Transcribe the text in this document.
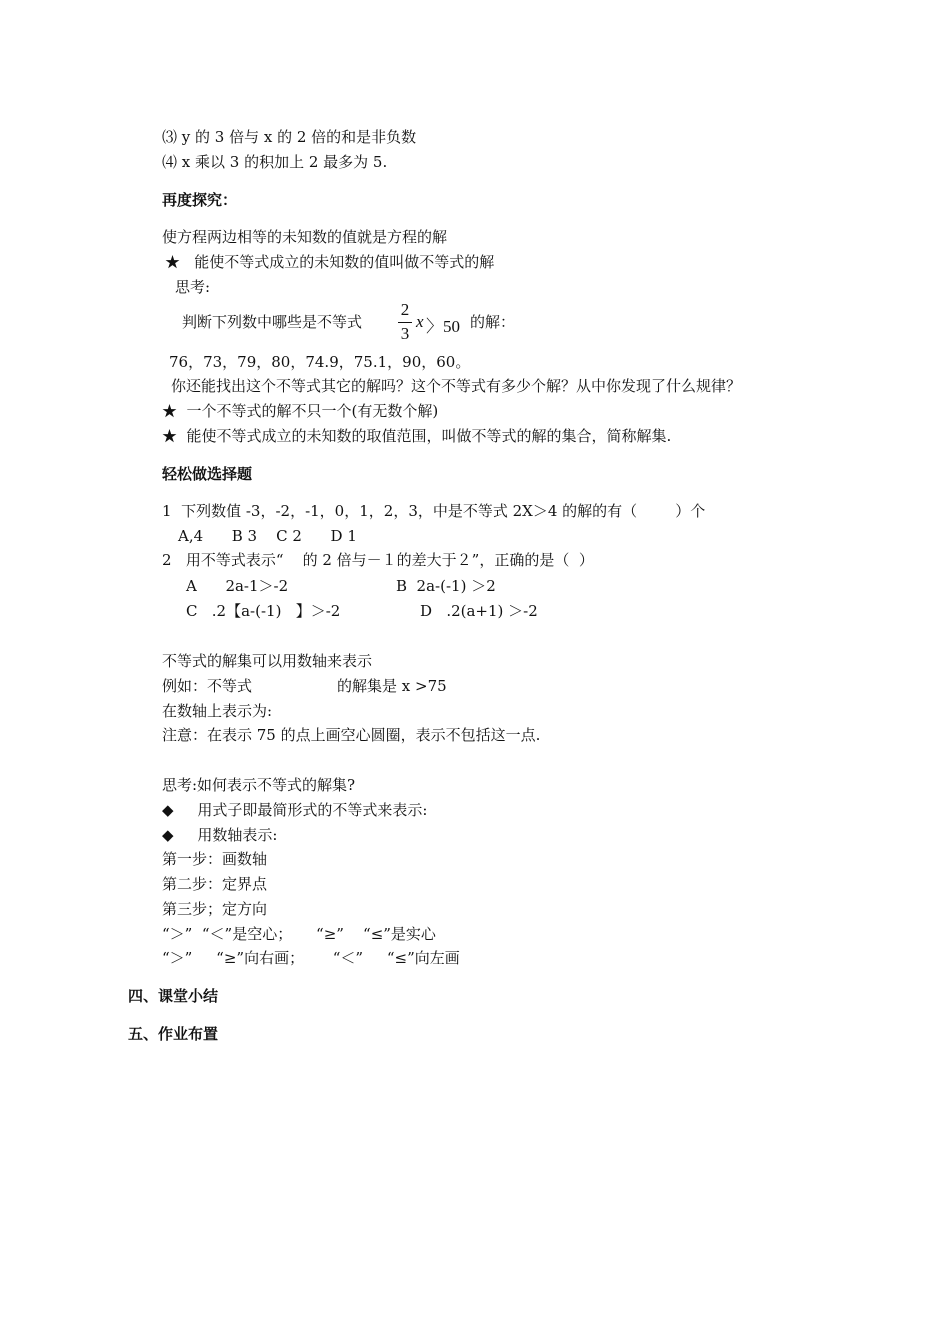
⑶ y 的 3 倍与 x 的 2 倍的和是非负数
⑷ x 乘以 3 的积加上 2 最多为 5.
再度探究：
使方程两边相等的未知数的值就是方程的解
★   能使不等式成立的未知数的值叫做不等式的解
思考:
判断下列数中哪些是不等式
2
3
x 〉50 的解：
76，73，79，80，74.9，75.1，90，60。
你还能找出这个不等式其它的解吗？这个不等式有多少个解？从中你发现了什么规律？
★  一个不等式的解不只一个(有无数个解)
★  能使不等式成立的未知数的取值范围，叫做不等式的解的集合，简称解集.
轻松做选择题
1  下列数值 -3，-2，-1，0，1，2，3，中是不等式 2X＞4 的解的有（        ）个
A,4      B 3    C 2      D 1
2   用不等式表示“    的 2 倍与－１的差大于２”，正确的是（  ）
A      2a-1＞-2	B  2a-(-1) ＞2
C   .2【a-(-1)   】＞-2	D   .2(a+1) ＞-2
不等式的解集可以用数轴来表示
例如：不等式	的解集是 x >75
在数轴上表示为:
注意：在表示 75 的点上画空心圆圈，表示不包括这一点.
思考:如何表示不等式的解集?
◆     用式子即最简形式的不等式来表示:
◆     用数轴表示:
第一步：画数轴
第二步：定界点
第三步；定方向
“＞”  “＜”是空心；     “≥”    “≤”是实心
“＞”     “≥”向右画；      “＜”     “≤”向左画
四、课堂小结
五、作业布置
